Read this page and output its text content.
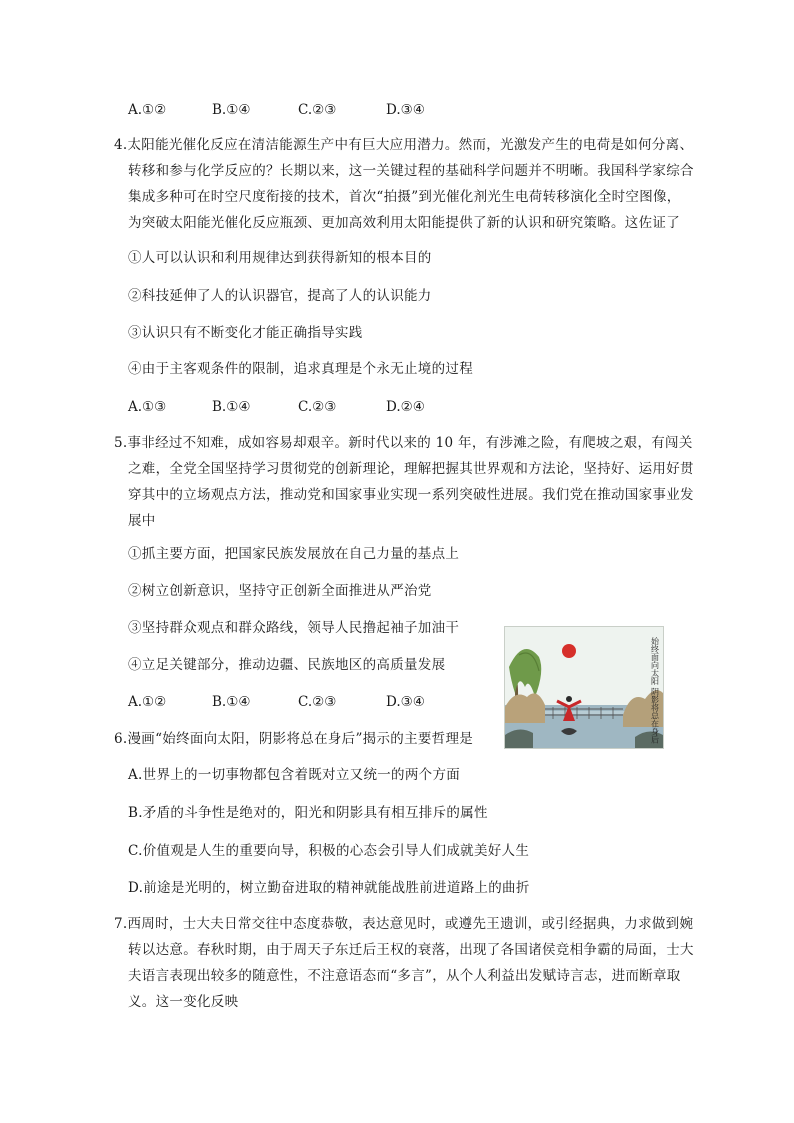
A.①②	B.①④	C.②③	D.③④
4.太阳能光催化反应在清洁能源生产中有巨大应用潜力。然而，光激发产生的电荷是如何分离、
转移和参与化学反应的？长期以来，这一关键过程的基础科学问题并不明晰。我国科学家综合
集成多种可在时空尺度衔接的技术，首次“拍摄”到光催化剂光生电荷转移演化全时空图像，
为突破太阳能光催化反应瓶颈、更加高效利用太阳能提供了新的认识和研究策略。这佐证了
①人可以认识和利用规律达到获得新知的根本目的
②科技延伸了人的认识器官，提高了人的认识能力
③认识只有不断变化才能正确指导实践
④由于主客观条件的限制，追求真理是个永无止境的过程
A.①③	B.①④	C.②③	D.②④
5.事非经过不知难，成如容易却艰辛。新时代以来的 10 年，有涉滩之险，有爬坡之艰，有闯关
之难，全党全国坚持学习贯彻党的创新理论，理解把握其世界观和方法论，坚持好、运用好贯
穿其中的立场观点方法，推动党和国家事业实现一系列突破性进展。我们党在推动国家事业发
展中
①抓主要方面，把国家民族发展放在自己力量的基点上
②树立创新意识，坚持守正创新全面推进从严治党
③坚持群众观点和群众路线，领导人民撸起袖子加油干
④立足关键部分，推动边疆、民族地区的高质量发展
A.①②	B.①④	C.②③	D.③④	始终面向太阳 阴影将总在身后
6.漫画“始终面向太阳，阴影将总在身后”揭示的主要哲理是
A.世界上的一切事物都包含着既对立又统一的两个方面
B.矛盾的斗争性是绝对的，阳光和阴影具有相互排斥的属性
C.价值观是人生的重要向导，积极的心态会引导人们成就美好人生
D.前途是光明的，树立勤奋进取的精神就能战胜前进道路上的曲折
7.西周时，士大夫日常交往中态度恭敬，表达意见时，或遵先王遗训，或引经据典，力求做到婉
转以达意。春秋时期，由于周天子东迁后王权的衰落，出现了各国诸侯竞相争霸的局面，士大
夫语言表现出较多的随意性，不注意语态而“多言”，从个人利益出发赋诗言志，进而断章取
义。这一变化反映
